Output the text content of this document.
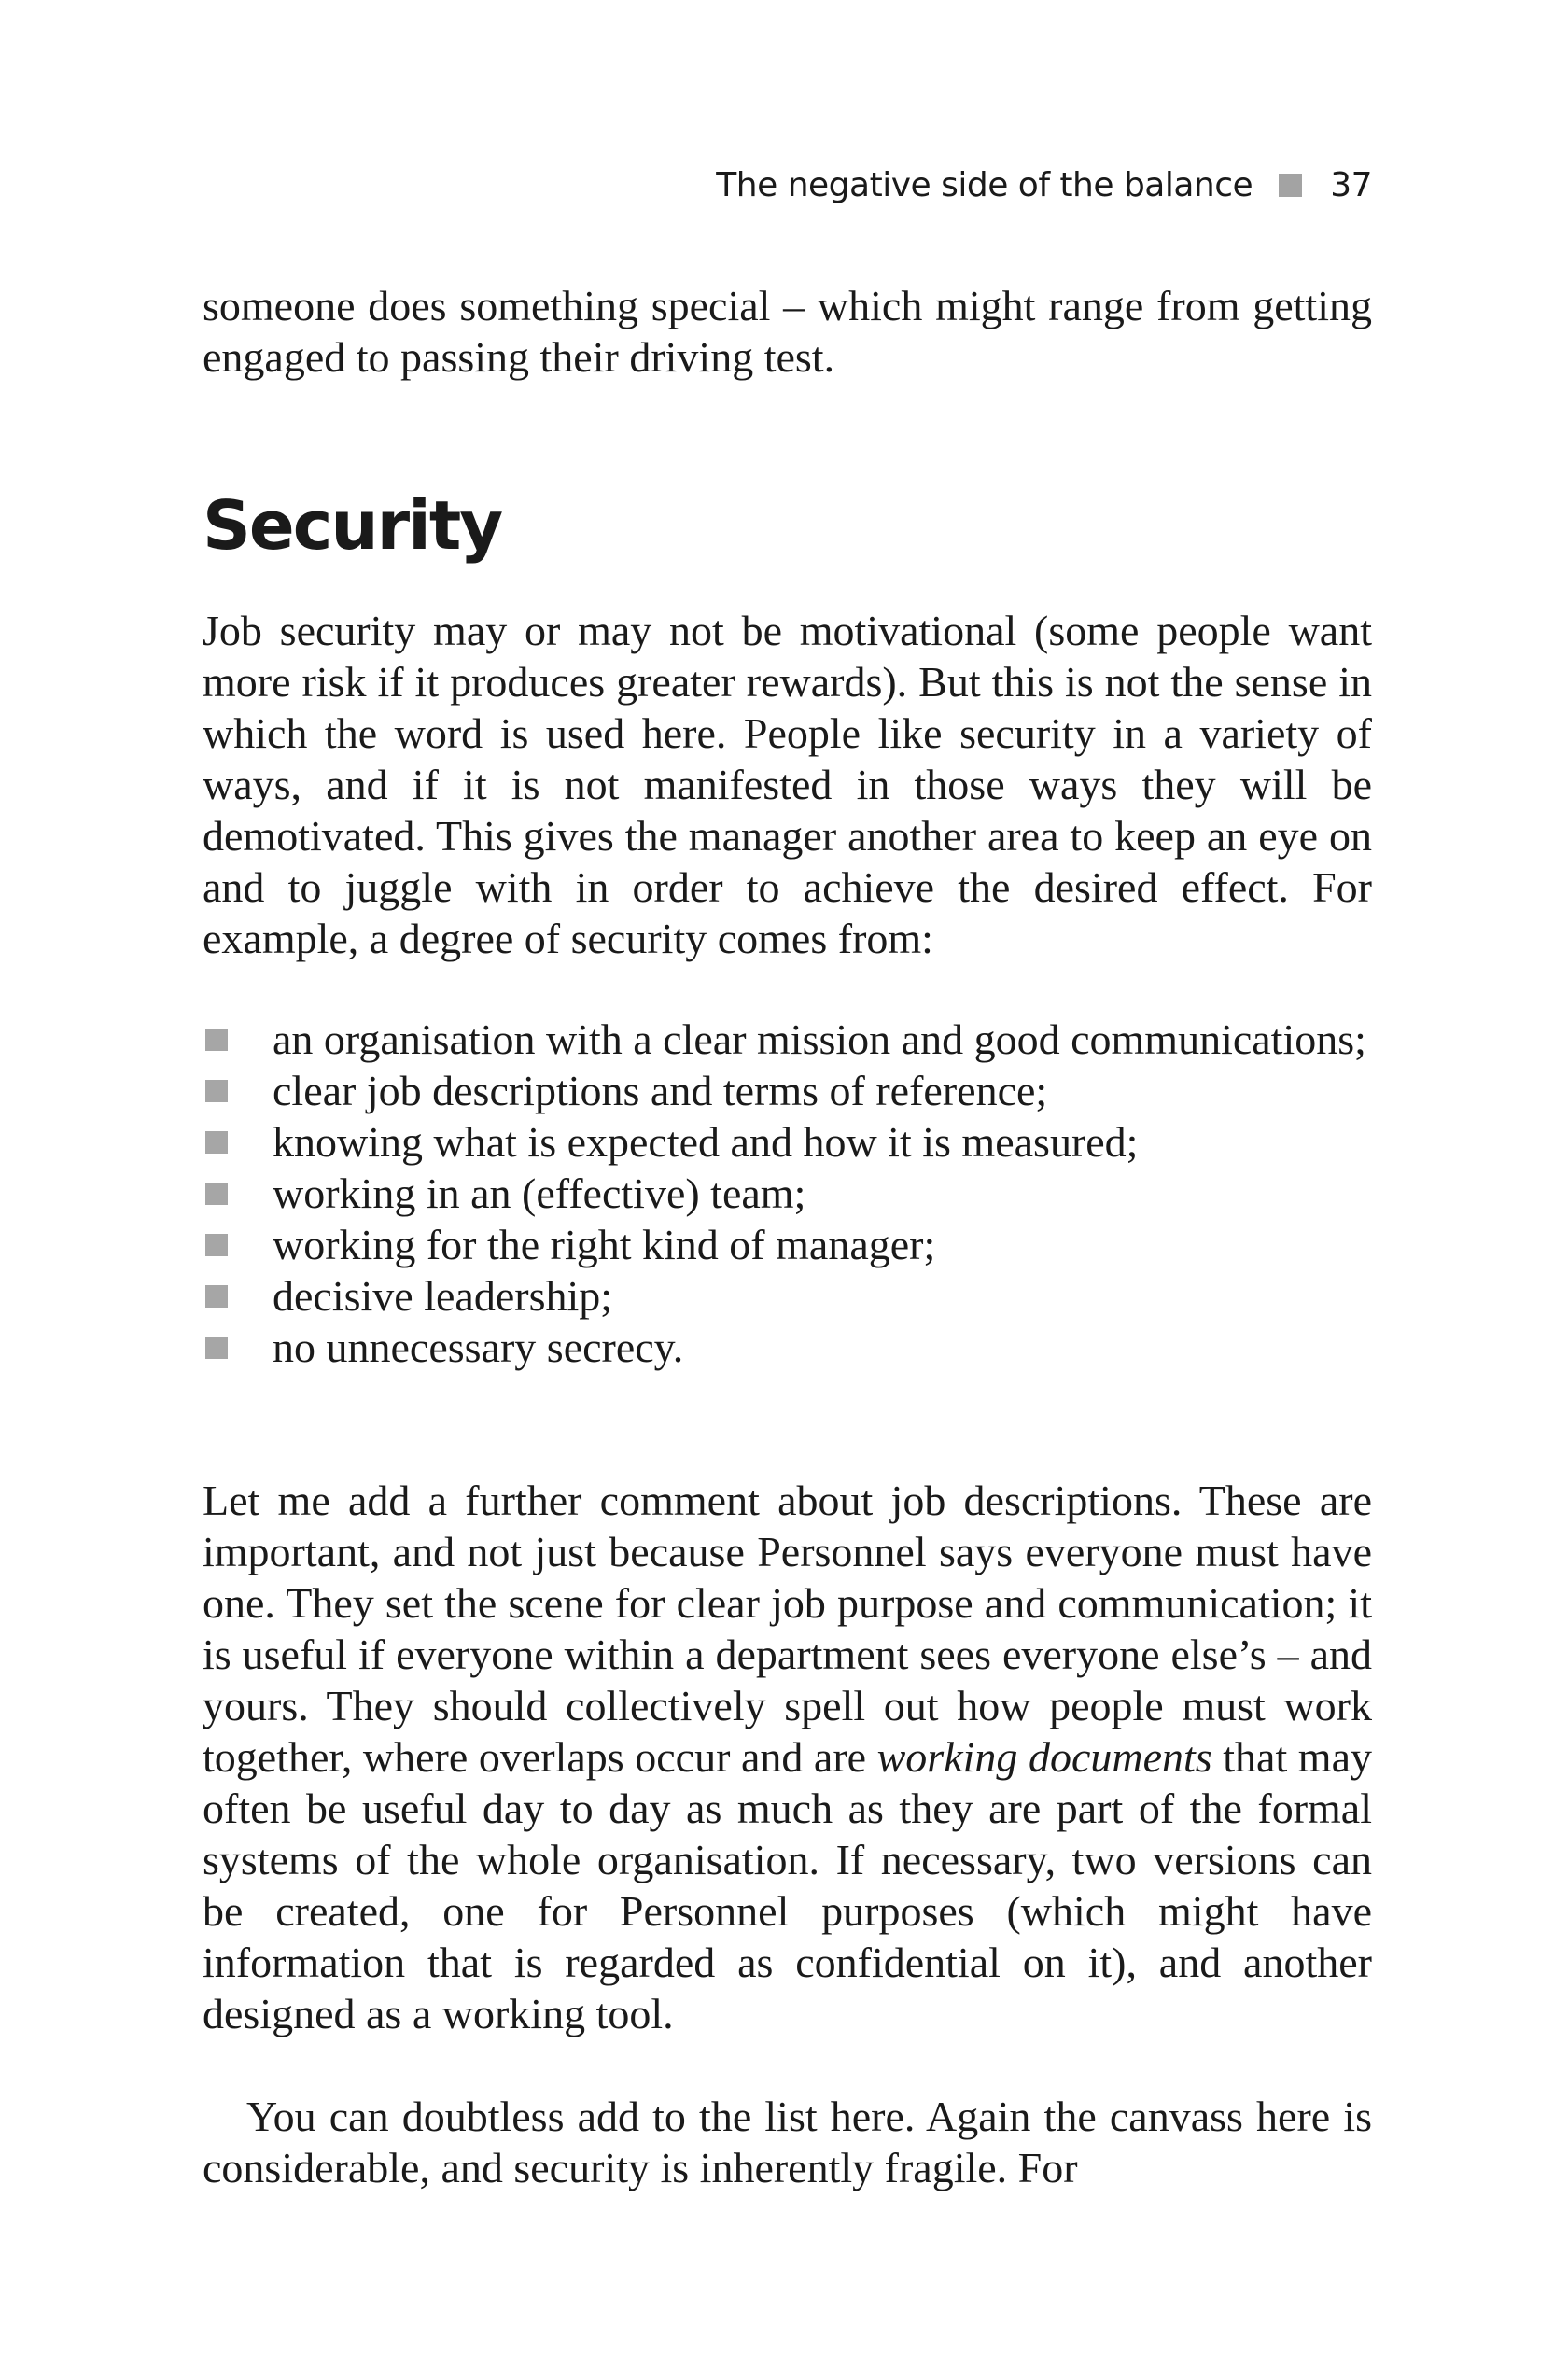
The negative side of the balance 37

someone does something special – which might range from getting engaged to passing their driving test.

Security

Job security may or may not be motivational (some people want more risk if it produces greater rewards). But this is not the sense in which the word is used here. People like security in a variety of ways, and if it is not manifested in those ways they will be demotivated. This gives the manager another area to keep an eye on and to juggle with in order to achieve the desired effect. For example, a degree of security comes from:

an organisation with a clear mission and good communications;
clear job descriptions and terms of reference;
knowing what is expected and how it is measured;
working in an (effective) team;
working for the right kind of manager;
decisive leadership;
no unnecessary secrecy.

Let me add a further comment about job descriptions. These are important, and not just because Personnel says everyone must have one. They set the scene for clear job purpose and communication; it is useful if everyone within a department sees everyone else’s – and yours. They should collectively spell out how people must work together, where overlaps occur and are working documents that may often be useful day to day as much as they are part of the formal systems of the whole organisation. If necessary, two versions can be created, one for Personnel purposes (which might have information that is regarded as confidential on it), and another designed as a working tool.

You can doubtless add to the list here. Again the canvass here is considerable, and security is inherently fragile. For
